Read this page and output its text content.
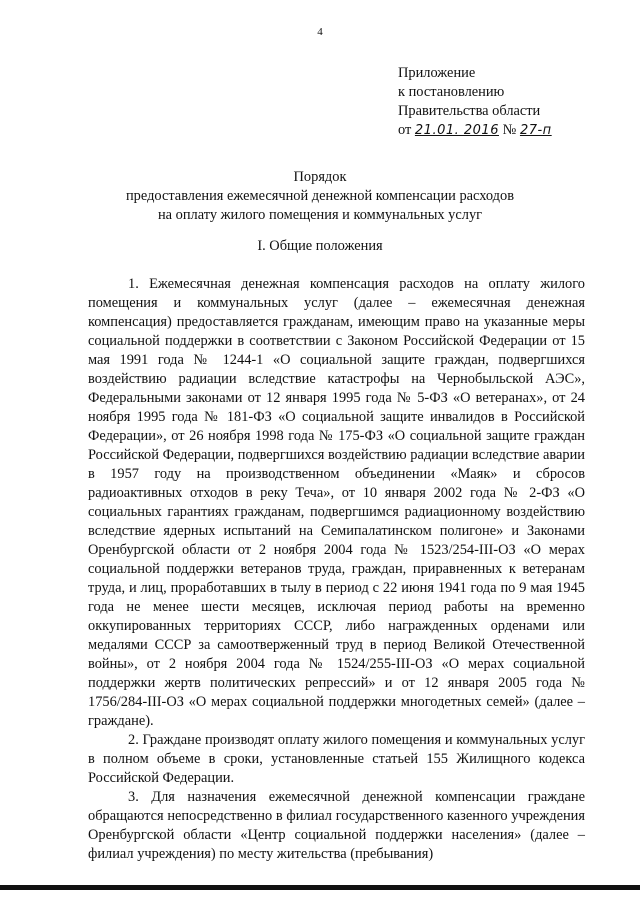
4
Приложение
к постановлению
Правительства области
от 21.01. 2016 № 27-п
Порядок
предоставления ежемесячной денежной компенсации расходов
на оплату жилого помещения и коммунальных услуг
I. Общие положения

1. Ежемесячная денежная компенсация расходов на оплату жилого помещения и коммунальных услуг (далее – ежемесячная денежная компенсация) предоставляется гражданам, имеющим право на указанные меры социальной поддержки в соответствии с Законом Российской Федерации от 15 мая 1991 года № 1244-1 «О социальной защите граждан, подвергшихся воздействию радиации вследствие катастрофы на Чернобыльской АЭС», Федеральными законами от 12 января 1995 года № 5-ФЗ «О ветеранах», от 24 ноября 1995 года № 181-ФЗ «О социальной защите инвалидов в Российской Федерации», от 26 ноября 1998 года № 175-ФЗ «О социальной защите граждан Российской Федерации, подвергшихся воздействию радиации вследствие аварии в 1957 году на производственном объединении «Маяк» и сбросов радиоактивных отходов в реку Теча», от 10 января 2002 года № 2-ФЗ «О социальных гарантиях гражданам, подвергшимся радиационному воздействию вследствие ядерных испытаний на Семипалатинском полигоне» и Законами Оренбургской области от 2 ноября 2004 года № 1523/254-III-ОЗ «О мерах социальной поддержки ветеранов труда, граждан, приравненных к ветеранам труда, и лиц, проработавших в тылу в период с 22 июня 1941 года по 9 мая 1945 года не менее шести месяцев, исключая период работы на временно оккупированных территориях СССР, либо награжденных орденами или медалями СССР за самоотверженный труд в период Великой Отечественной войны», от 2 ноября 2004 года № 1524/255-III-ОЗ «О мерах социальной поддержки жертв политических репрессий» и от 12 января 2005 года № 1756/284-III-ОЗ «О мерах социальной поддержки многодетных семей» (далее – граждане).

2. Граждане производят оплату жилого помещения и коммунальных услуг в полном объеме в сроки, установленные статьей 155 Жилищного кодекса Российской Федерации.

3. Для назначения ежемесячной денежной компенсации граждане обращаются непосредственно в филиал государственного казенного учреждения Оренбургской области «Центр социальной поддержки населения» (далее – филиал учреждения) по месту жительства (пребывания)
